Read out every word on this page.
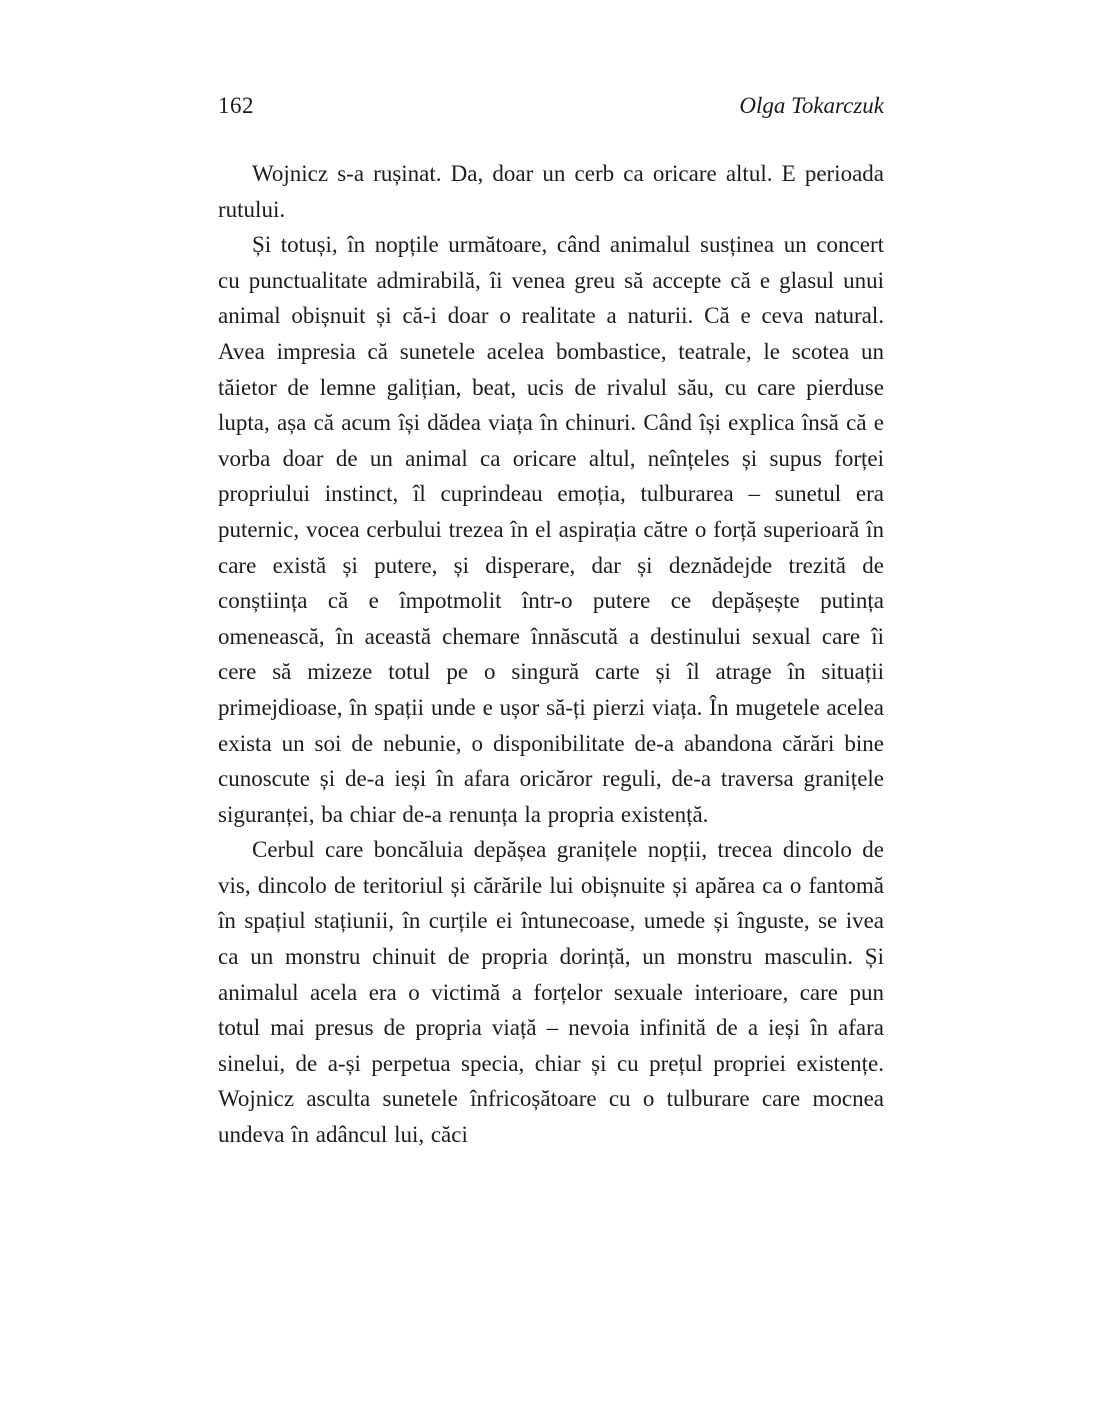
162	Olga Tokarczuk

Wojnicz s-a rușinat. Da, doar un cerb ca oricare altul. E perioada rutului.

Și totuși, în nopțile următoare, când animalul susținea un concert cu punctualitate admirabilă, îi venea greu să accepte că e glasul unui animal obișnuit și că-i doar o realitate a naturii. Că e ceva natural. Avea impresia că sunetele acelea bombastice, teatrale, le scotea un tăietor de lemne galițian, beat, ucis de rivalul său, cu care pierduse lupta, așa că acum își dădea viața în chinuri. Când își explica însă că e vorba doar de un animal ca oricare altul, neînțeles și supus forței propriului instinct, îl cuprindeau emoția, tulburarea – sunetul era puternic, vocea cerbului trezea în el aspirația către o forță superioară în care există și putere, și disperare, dar și deznădejde trezită de conștiința că e împotmolit într-o putere ce depășește putința omenească, în această chemare înnăscută a destinului sexual care îi cere să mizeze totul pe o singură carte și îl atrage în situații primejdioase, în spații unde e ușor să-ți pierzi viața. În mugetele acelea exista un soi de nebunie, o disponibilitate de-a abandona cărări bine cunoscute și de-a ieși în afara oricăror reguli, de-a traversa granițele siguranței, ba chiar de-a renunța la propria existență.

Cerbul care boncăluia depășea granițele nopții, trecea dincolo de vis, dincolo de teritoriul și cărările lui obișnuite și apărea ca o fantomă în spațiul stațiunii, în curțile ei întunecoase, umede și înguste, se ivea ca un monstru chinuit de propria dorință, un monstru masculin. Și animalul acela era o victimă a forțelor sexuale interioare, care pun totul mai presus de propria viață – nevoia infinită de a ieși în afara sinelui, de a-și perpetua specia, chiar și cu prețul propriei existențe. Wojnicz asculta sunetele înfricoșătoare cu o tulburare care mocnea undeva în adâncul lui, căci
